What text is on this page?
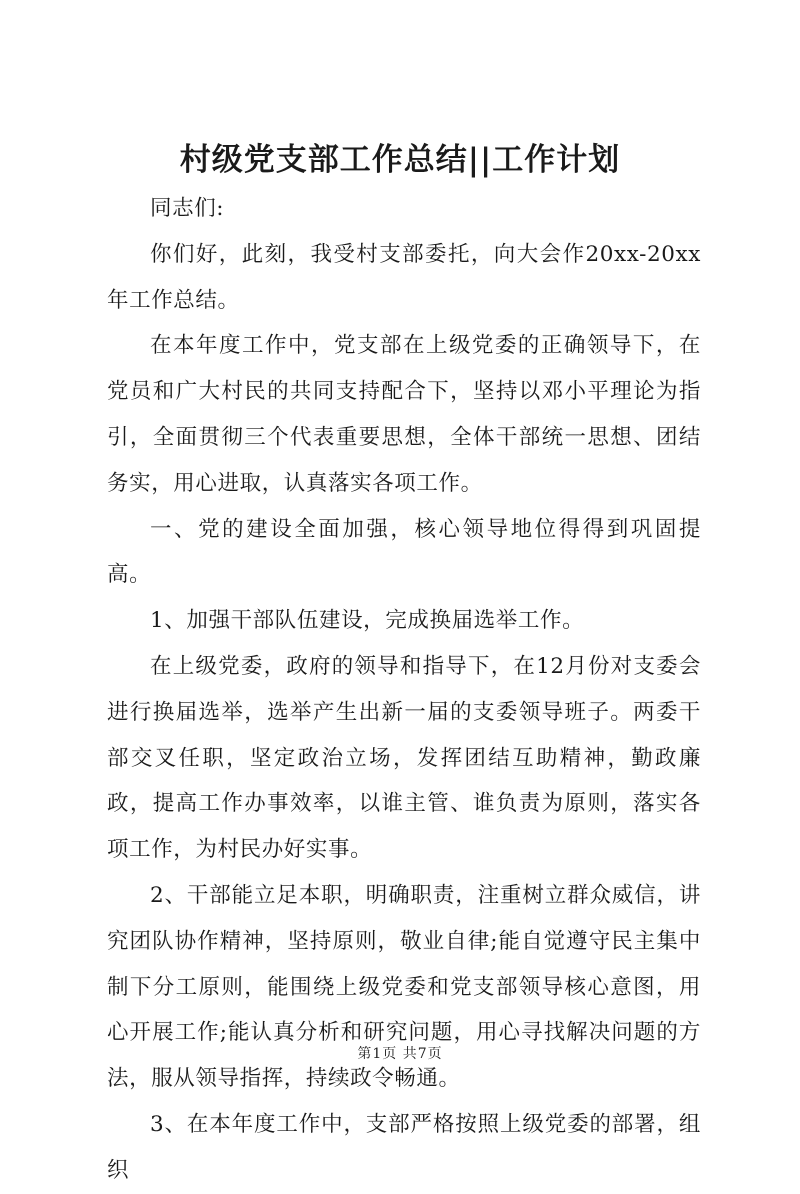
村级党支部工作总结||工作计划

同志们:

你们好，此刻，我受村支部委托，向大会作20xx-20xx年工作总结。

在本年度工作中，党支部在上级党委的正确领导下，在党员和广大村民的共同支持配合下，坚持以邓小平理论为指引，全面贯彻三个代表重要思想，全体干部统一思想、团结务实，用心进取，认真落实各项工作。

一、党的建设全面加强，核心领导地位得得到巩固提高。

1、加强干部队伍建设，完成换届选举工作。

在上级党委，政府的领导和指导下，在12月份对支委会进行换届选举，选举产生出新一届的支委领导班子。两委干部交叉任职，坚定政治立场，发挥团结互助精神，勤政廉政，提高工作办事效率，以谁主管、谁负责为原则，落实各项工作，为村民办好实事。

2、干部能立足本职，明确职责，注重树立群众威信，讲究团队协作精神，坚持原则，敬业自律;能自觉遵守民主集中制下分工原则，能围绕上级党委和党支部领导核心意图，用心开展工作;能认真分析和研究问题，用心寻找解决问题的方法，服从领导指挥，持续政令畅通。

3、在本年度工作中，支部严格按照上级党委的部署，组织

第1页 共7页
